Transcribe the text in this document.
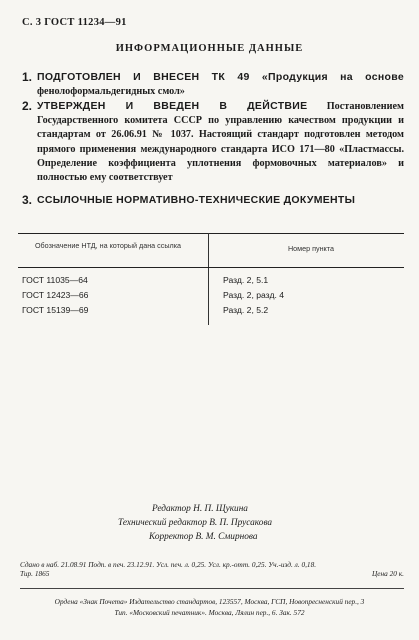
С. 3 ГОСТ 11234—91
ИНФОРМАЦИОННЫЕ ДАННЫЕ
1. ПОДГОТОВЛЕН И ВНЕСЕН ТК 49 «Продукция на основе фенолоформальдегидных смол»
2. УТВЕРЖДЕН И ВВЕДЕН В ДЕЙСТВИЕ Постановлением Государственного комитета СССР по управлению качеством продукции и стандартам от 26.06.91 № 1037. Настоящий стандарт подготовлен методом прямого применения международного стандарта ИСО 171—80 «Пластмассы. Определение коэффициента уплотнения формовочных материалов» и полностью ему соответствует
3. ССЫЛОЧНЫЕ НОРМАТИВНО-ТЕХНИЧЕСКИЕ ДОКУМЕНТЫ
Обозначение НТД, на который дана ссылка	Номер пункта
ГОСТ 11035—64	Разд. 2, 5.1
ГОСТ 12423—66	Разд. 2, разд. 4
ГОСТ 15139—69	Разд. 2, 5.2
Редактор Н. П. Щукина
Технический редактор В. П. Прусакова
Корректор В. М. Смирнова
Сдано в наб. 21.08.91 Подп. в печ. 23.12.91. Усл. печ. л. 0,25. Усл. кр.-отт. 0,25. Уч.-изд. л. 0,18.
Тир. 1865	Цена 20 к.
Ордена «Знак Почета» Издательство стандартов, 123557, Москва, ГСП, Новопресненский пер., 3
Тип. «Московский печатник». Москва, Лялин пер., 6. Зак. 572
